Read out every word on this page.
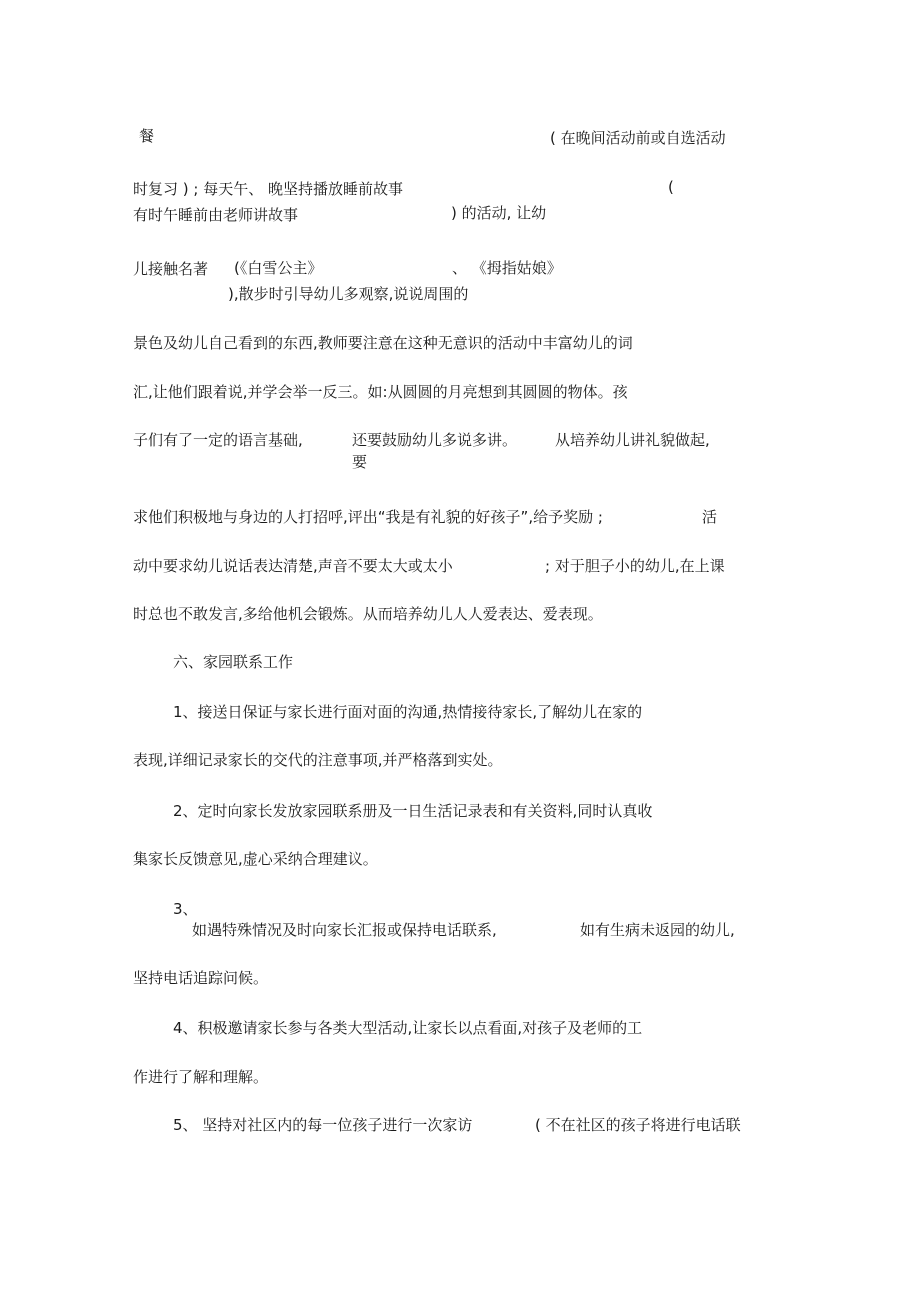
餐	( 在晚间活动前或自选活动
时复习 ) ; 每天午、 晚坚持播放睡前故事	(
有时午睡前由老师讲故事	) 的活动, 让幼
儿接触名著 (《白雪公主》	、 《拇指姑娘》
),散步时引导幼儿多观察,说说周围的
景色及幼儿自己看到的东西,教师要注意在这种无意识的活动中丰富幼儿的词
汇,让他们跟着说,并学会举一反三。如:从圆圆的月亮想到其圆圆的物体。孩
子们有了一定的语言基础,	还要鼓励幼儿多说多讲。	从培养幼儿讲礼貌做起,
要
求他们积极地与身边的人打招呼,评出“我是有礼貌的好孩子”,给予奖励 ;	活
动中要求幼儿说话表达清楚,声音不要太大或太小	; 对于胆子小的幼儿,在上课
时总也不敢发言,多给他机会锻炼。从而培养幼儿人人爱表达、爱表现。
六、家园联系工作
1、接送日保证与家长进行面对面的沟通,热情接待家长,了解幼儿在家的
表现,详细记录家长的交代的注意事项,并严格落到实处。
2、定时向家长发放家园联系册及一日生活记录表和有关资料,同时认真收
集家长反馈意见,虚心采纳合理建议。
3、
如遇特殊情况及时向家长汇报或保持电话联系,	如有生病未返园的幼儿,
坚持电话追踪问候。
4、积极邀请家长参与各类大型活动,让家长以点看面,对孩子及老师的工
作进行了解和理解。
5、 坚持对社区内的每一位孩子进行一次家访	( 不在社区的孩子将进行电话联
